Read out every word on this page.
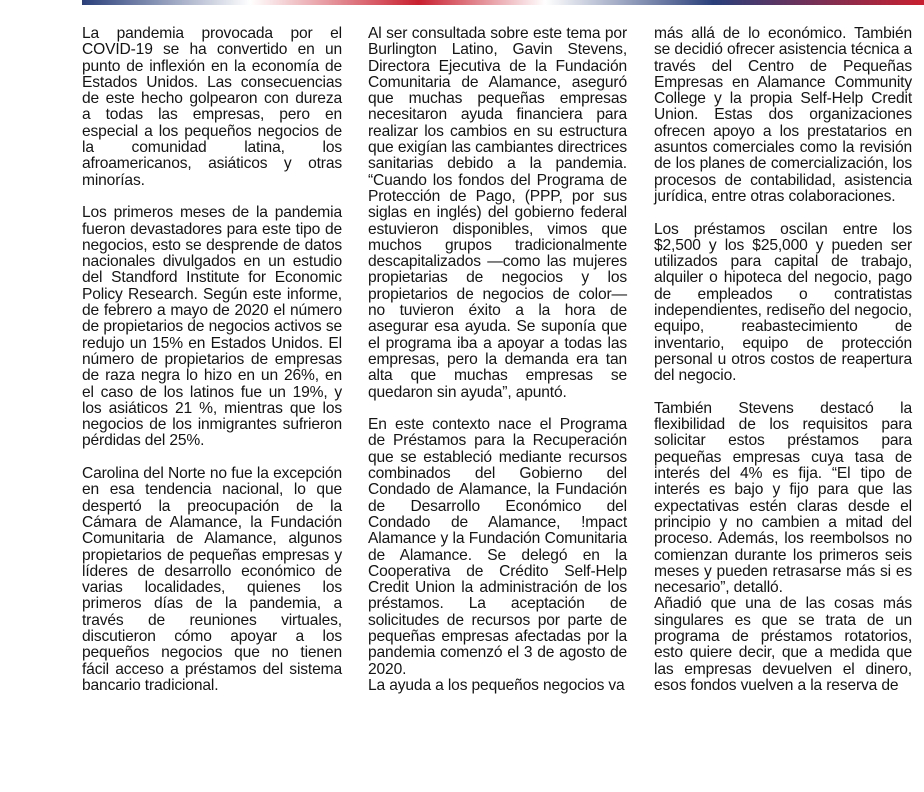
La pandemia provocada por el COVID-19 se ha convertido en un punto de inflexión en la economía de Estados Unidos. Las consecuencias de este hecho golpearon con dureza a todas las empresas, pero en especial a los pequeños negocios de la comunidad latina, los afroamericanos, asiáticos y otras minorías.

Los primeros meses de la pandemia fueron devastadores para este tipo de negocios, esto se desprende de datos nacionales divulgados en un estudio del Standford Institute for Economic Policy Research. Según este informe, de febrero a mayo de 2020 el número de propietarios de negocios activos se redujo un 15% en Estados Unidos. El número de propietarios de empresas de raza negra lo hizo en un 26%, en el caso de los latinos fue un 19%, y los asiáticos 21 %, mientras que los negocios de los inmigrantes sufrieron pérdidas del 25%.

Carolina del Norte no fue la excepción en esa tendencia nacional, lo que despertó la preocupación de la Cámara de Alamance, la Fundación Comunitaria de Alamance, algunos propietarios de pequeñas empresas y líderes de desarrollo económico de varias localidades, quienes los primeros días de la pandemia, a través de reuniones virtuales, discutieron cómo apoyar a los pequeños negocios que no tienen fácil acceso a préstamos del sistema bancario tradicional.

Al ser consultada sobre este tema por Burlington Latino, Gavin Stevens, Directora Ejecutiva de la Fundación Comunitaria de Alamance, aseguró que muchas pequeñas empresas necesitaron ayuda financiera para realizar los cambios en su estructura que exigían las cambiantes directrices sanitarias debido a la pandemia. “Cuando los fondos del Programa de Protección de Pago, (PPP, por sus siglas en inglés) del gobierno federal estuvieron disponibles, vimos que muchos grupos tradicionalmente descapitalizados —como las mujeres propietarias de negocios y los propietarios de negocios de color— no tuvieron éxito a la hora de asegurar esa ayuda. Se suponía que el programa iba a apoyar a todas las empresas, pero la demanda era tan alta que muchas empresas se quedaron sin ayuda”, apuntó.

En este contexto nace el Programa de Préstamos para la Recuperación que se estableció mediante recursos combinados del Gobierno del Condado de Alamance, la Fundación de Desarrollo Económico del Condado de Alamance, !mpact Alamance y la Fundación Comunitaria de Alamance. Se delegó en la Cooperativa de Crédito Self-Help Credit Union la administración de los préstamos. La aceptación de solicitudes de recursos por parte de pequeñas empresas afectadas por la pandemia comenzó el 3 de agosto de 2020.

La ayuda a los pequeños negocios va

más allá de lo económico. También se decidió ofrecer asistencia técnica a través del Centro de Pequeñas Empresas en Alamance Community College y la propia Self-Help Credit Union. Estas dos organizaciones ofrecen apoyo a los prestatarios en asuntos comerciales como la revisión de los planes de comercialización, los procesos de contabilidad, asistencia jurídica, entre otras colaboraciones.

Los préstamos oscilan entre los $2,500 y los $25,000 y pueden ser utilizados para capital de trabajo, alquiler o hipoteca del negocio, pago de empleados o contratistas independientes, rediseño del negocio, equipo, reabastecimiento de inventario, equipo de protección personal u otros costos de reapertura del negocio.

También Stevens destacó la flexibilidad de los requisitos para solicitar estos préstamos para pequeñas empresas cuya tasa de interés del 4% es fija. “El tipo de interés es bajo y fijo para que las expectativas estén claras desde el principio y no cambien a mitad del proceso. Además, los reembolsos no comienzan durante los primeros seis meses y pueden retrasarse más si es necesario”, detalló.

Añadió que una de las cosas más singulares es que se trata de un programa de préstamos rotatorios, esto quiere decir, que a medida que las empresas devuelven el dinero, esos fondos vuelven a la reserva de
